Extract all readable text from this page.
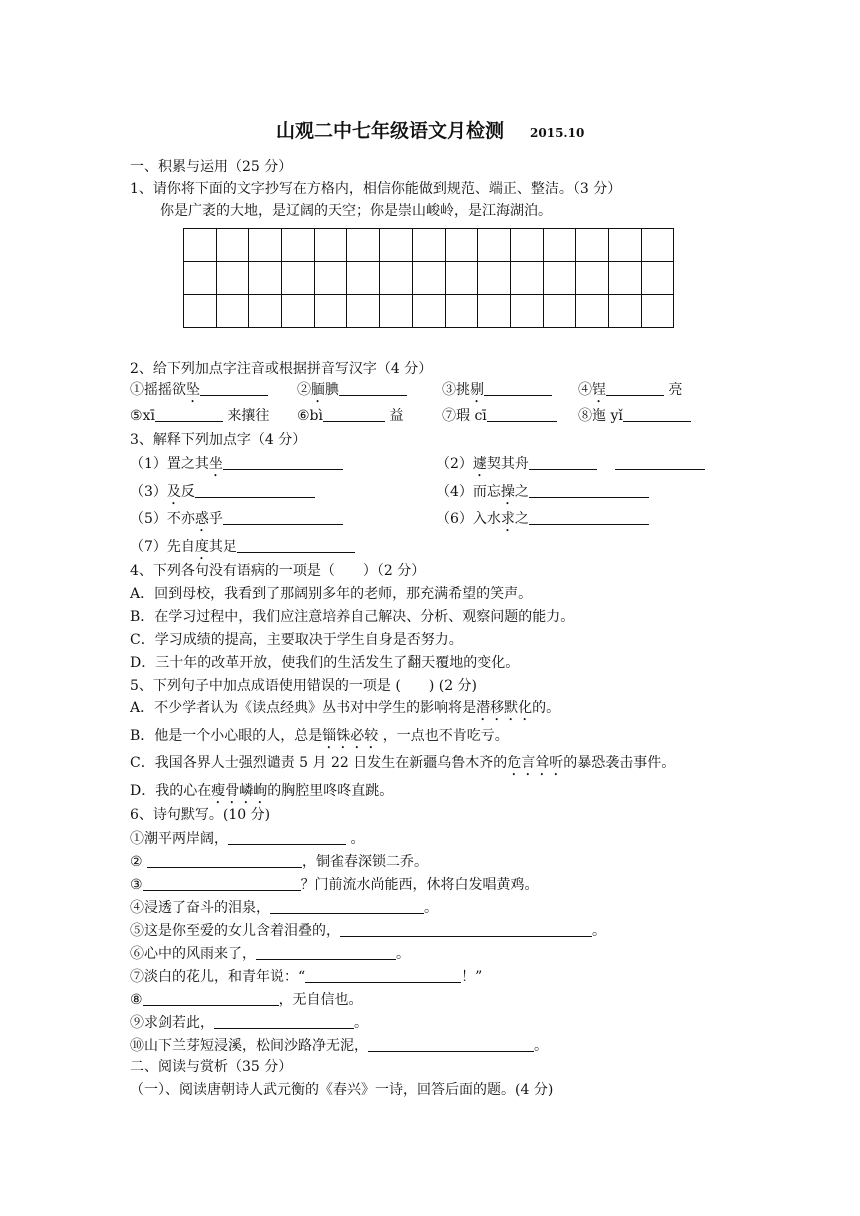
山观二中七年级语文月检测 2015.10
一、积累与运用（25 分）
1、请你将下面的文字抄写在方格内，相信你能做到规范、端正、整洁。（3 分）
你是广袤的大地，是辽阔的天空；你是崇山峻岭，是江海湖泊。

2、给下列加点字注音或根据拼音写汉字（4 分）
①摇摇欲坠	②腼腆	③挑剔	④锃	亮
⑤xī	来攘往 ⑥bì	益	⑦瑕 cī	⑧迤 yǐ
3、解释下列加点字（4 分）
（1）置之其坐	（2）遽契其舟
（3）及反	（4）而忘操之
（5）不亦惑乎	（6）入水求之
（7）先自度其足
4、下列各句没有语病的一项是（　　）（2 分）
A．回到母校，我看到了那阔别多年的老师，那充满希望的笑声。
B．在学习过程中，我们应注意培养自己解决、分析、观察问题的能力。
C．学习成绩的提高，主要取决于学生自身是否努力。
D．三十年的改革开放，使我们的生活发生了翻天覆地的变化。
5、下列句子中加点成语使用错误的一项是 (　　) (2 分)
A．不少学者认为《读点经典》丛书对中学生的影响将是潜移默化的。
B．他是一个小心眼的人，总是锱铢必较 ，一点也不肯吃亏。
C．我国各界人士强烈谴责 5 月 22 日发生在新疆乌鲁木齐的危言耸听的暴恐袭击事件。
D．我的心在瘦骨嶙峋的胸腔里咚咚直跳。
6、诗句默写。(10 分)
①潮平两岸阔，	。
②	，铜雀春深锁二乔。
③	？门前流水尚能西，休将白发唱黄鸡。
④浸透了奋斗的泪泉，	。
⑤这是你至爱的女儿含着泪叠的，	。
⑥心中的风雨来了，	。
⑦淡白的花儿，和青年说：“	！”
⑧	，无自信也。
⑨求剑若此，	。
⑩山下兰芽短浸溪，松间沙路净无泥，	。
二、阅读与赏析（35 分）
（一）、阅读唐朝诗人武元衡的《春兴》一诗，回答后面的题。(4 分)
